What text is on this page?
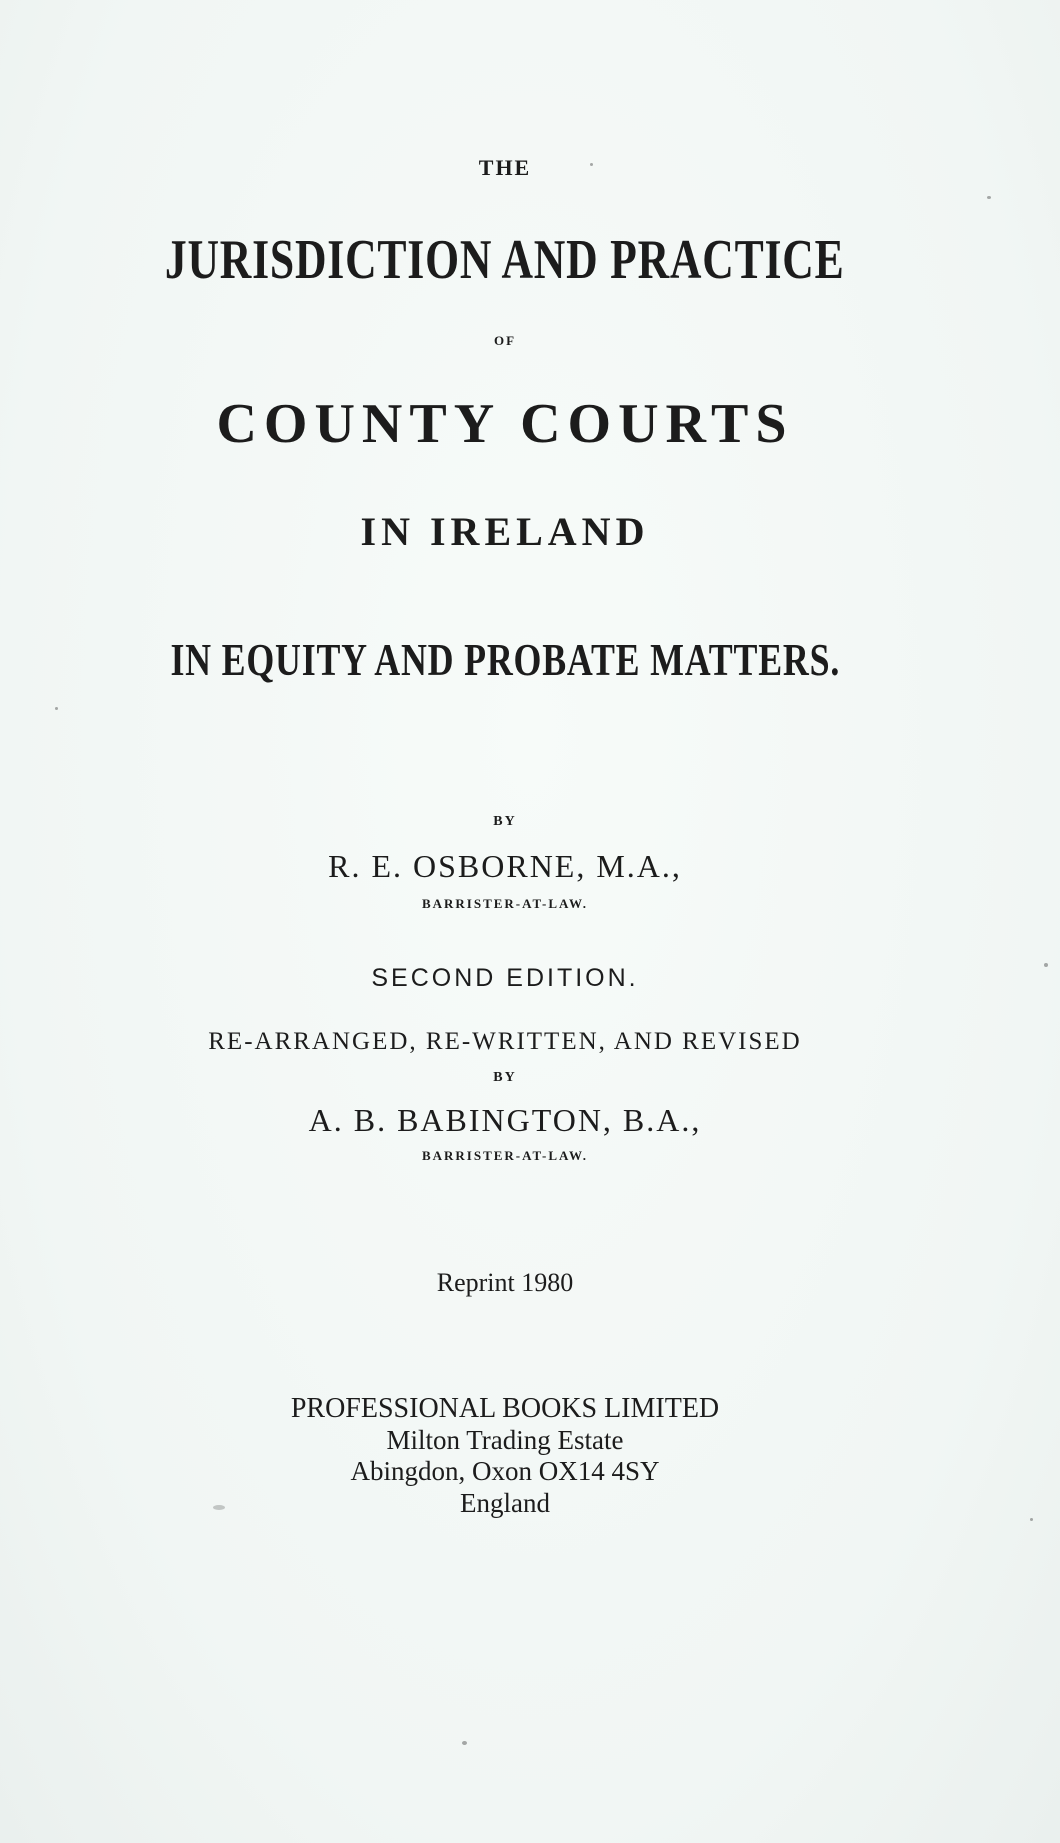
THE
JURISDICTION AND PRACTICE
OF
COUNTY COURTS
IN IRELAND
IN EQUITY AND PROBATE MATTERS.
BY
R. E. OSBORNE, M.A.,
BARRISTER-AT-LAW.
SECOND EDITION.
RE-ARRANGED, RE-WRITTEN, AND REVISED
BY
A. B. BABINGTON, B.A.,
BARRISTER-AT-LAW.
Reprint 1980
PROFESSIONAL BOOKS LIMITED
Milton Trading Estate
Abingdon, Oxon OX14 4SY
England
